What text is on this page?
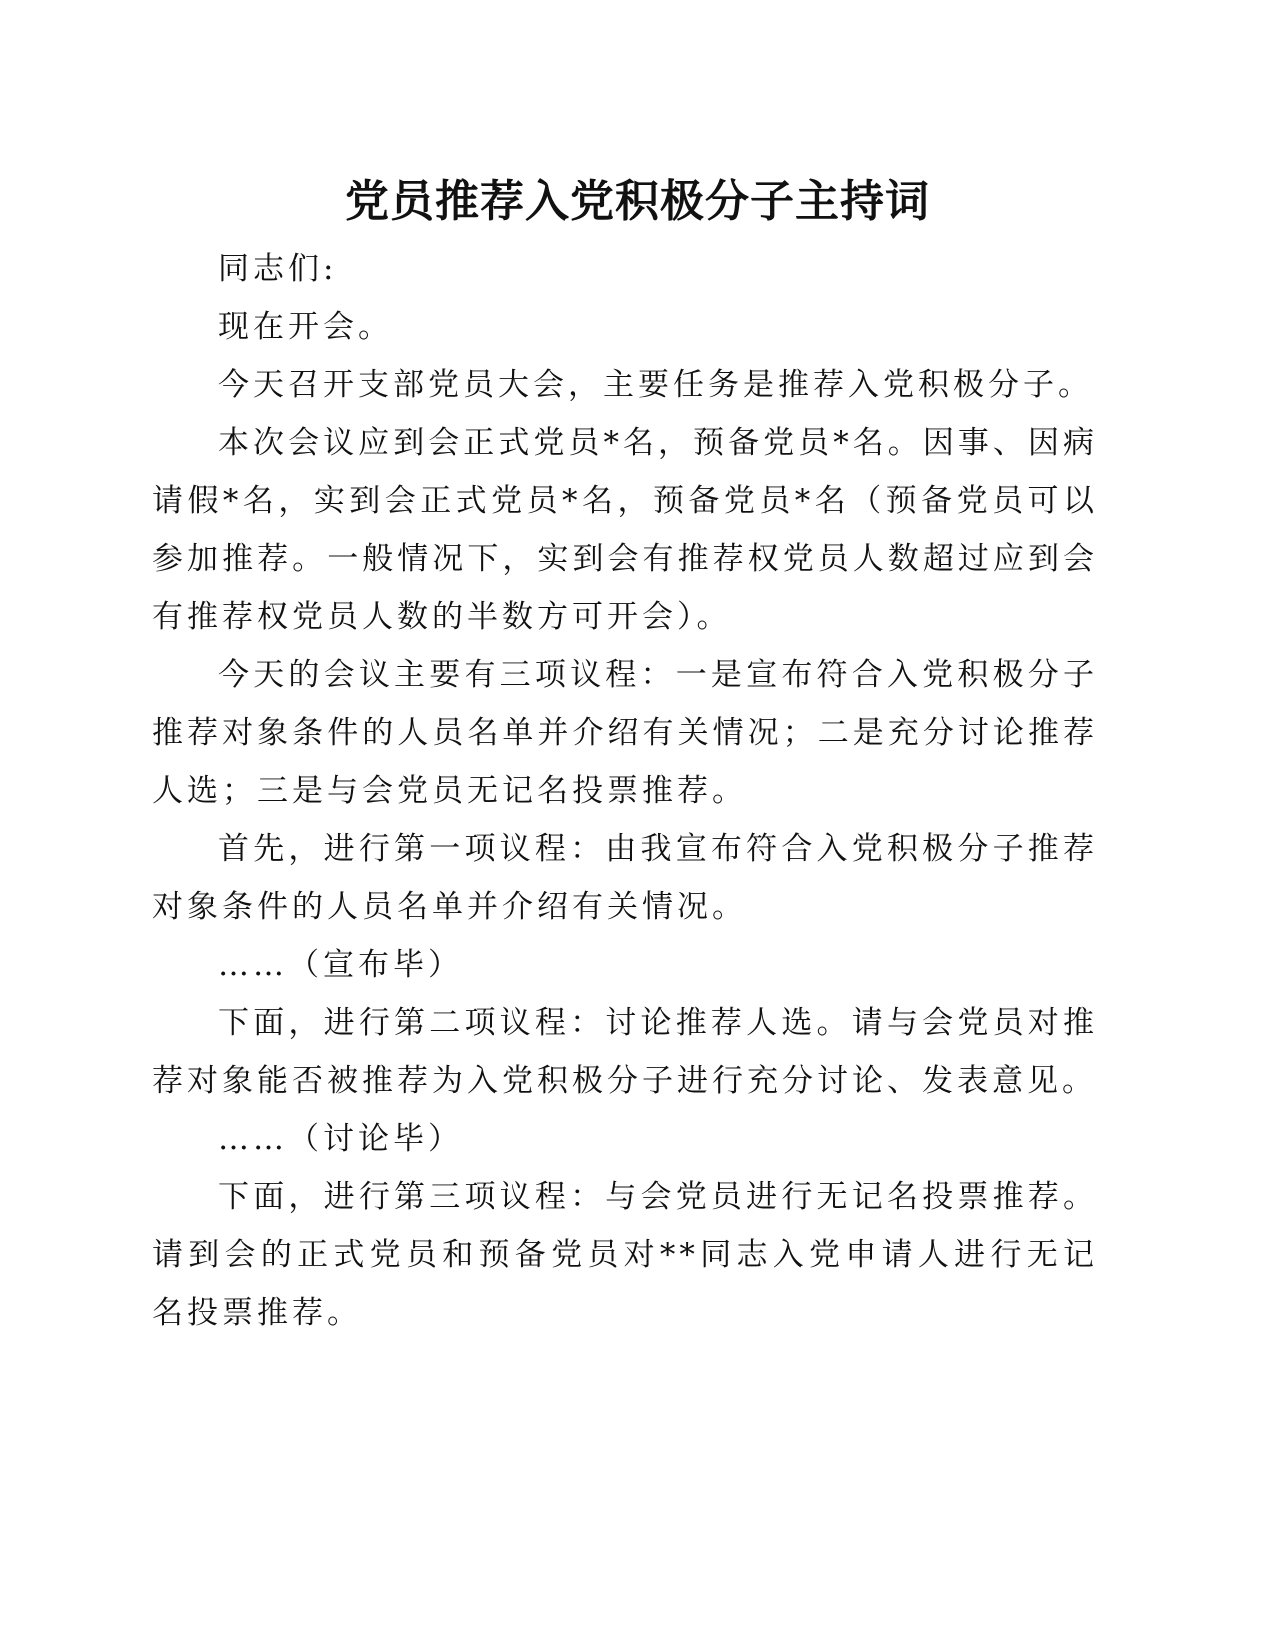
党员推荐入党积极分子主持词

同志们:

现在开会。

今天召开支部党员大会，主要任务是推荐入党积极分子。

本次会议应到会正式党员*名，预备党员*名。因事、因病请假*名，实到会正式党员*名，预备党员*名（预备党员可以参加推荐。一般情况下，实到会有推荐权党员人数超过应到会有推荐权党员人数的半数方可开会）。

今天的会议主要有三项议程：一是宣布符合入党积极分子推荐对象条件的人员名单并介绍有关情况；二是充分讨论推荐人选；三是与会党员无记名投票推荐。

首先，进行第一项议程：由我宣布符合入党积极分子推荐对象条件的人员名单并介绍有关情况。

……（宣布毕）

下面，进行第二项议程：讨论推荐人选。请与会党员对推荐对象能否被推荐为入党积极分子进行充分讨论、发表意见。

……（讨论毕）

下面，进行第三项议程：与会党员进行无记名投票推荐。请到会的正式党员和预备党员对**同志入党申请人进行无记名投票推荐。
